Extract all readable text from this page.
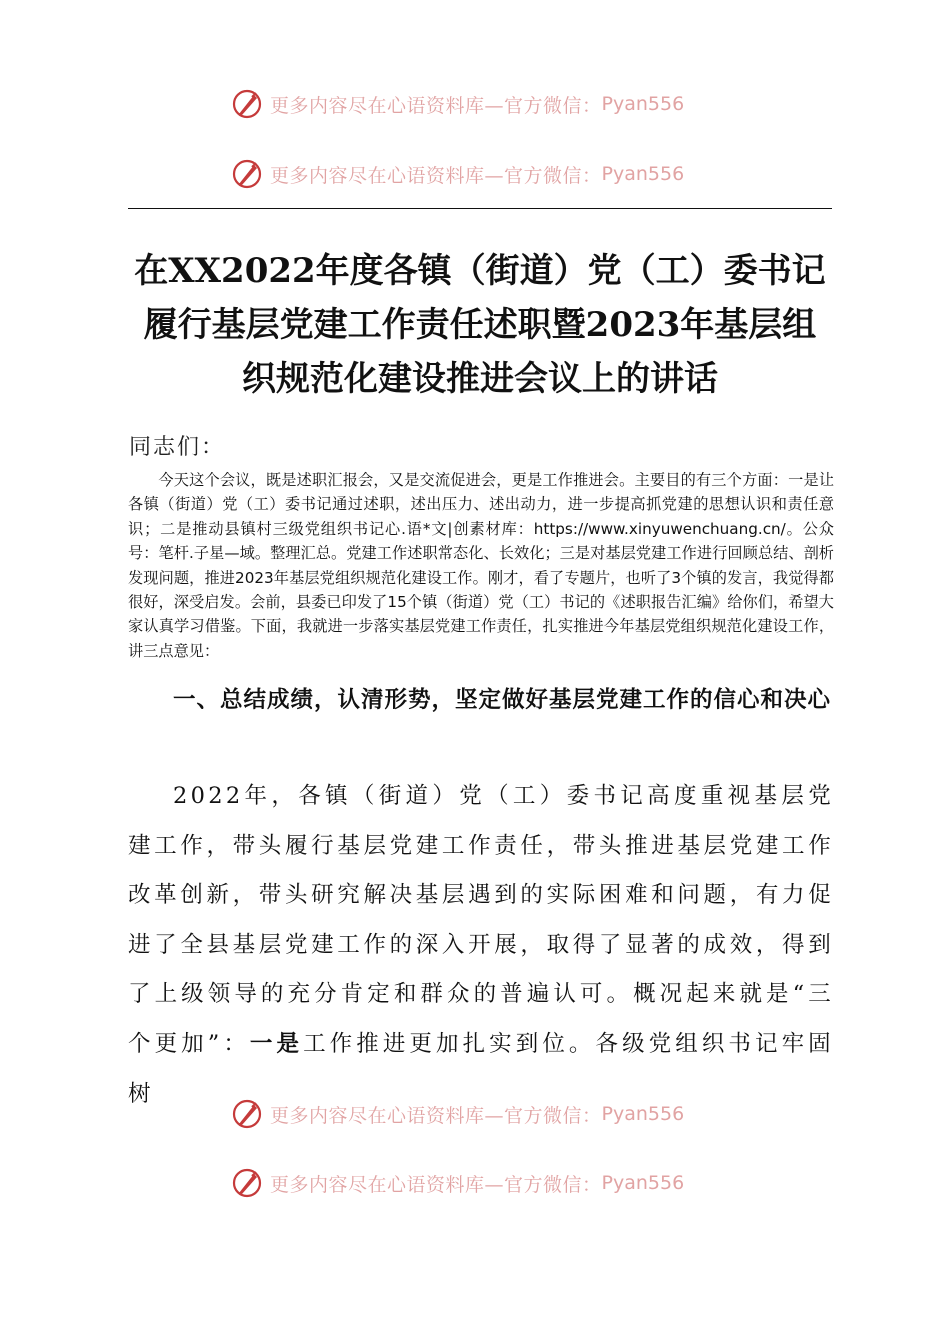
更多内容尽在心语资料库—官方微信： Pyan556
更多内容尽在心语资料库—官方微信： Pyan556
在XX2022年度各镇（街道）党（工）委书记
履行基层党建工作责任述职暨2023年基层组
织规范化建设推进会议上的讲话
同志们：

今天这个会议，既是述职汇报会，又是交流促进会，更是工作推进会。主要目的有三个方面：一是让各镇（街道）党（工）委书记通过述职，述出压力、述出动力，进一步提高抓党建的思想认识和责任意识；二是推动县镇村三级党组织书记心.语*文|创素材库：https://www.xinyuwenchuang.cn/。公众号：笔杆.子星—域。整理汇总。党建工作述职常态化、长效化；三是对基层党建工作进行回顾总结、剖析发现问题，推进2023年基层党组织规范化建设工作。刚才，看了专题片，也听了3个镇的发言，我觉得都很好，深受启发。会前，县委已印发了15个镇（街道）党（工）书记的《述职报告汇编》给你们，希望大家认真学习借鉴。下面，我就进一步落实基层党建工作责任，扎实推进今年基层党组织规范化建设工作，讲三点意见：

一、总结成绩，认清形势，坚定做好基层党建工作的信心和决心

2022年，各镇（街道）党（工）委书记高度重视基层党建工作，带头履行基层党建工作责任，带头推进基层党建工作改革创新，带头研究解决基层遇到的实际困难和问题，有力促进了全县基层党建工作的深入开展，取得了显著的成效，得到了上级领导的充分肯定和群众的普遍认可。概况起来就是“三个更加”：一是工作推进更加扎实到位。各级党组织书记牢固树

更多内容尽在心语资料库—官方微信： Pyan556
更多内容尽在心语资料库—官方微信： Pyan556
